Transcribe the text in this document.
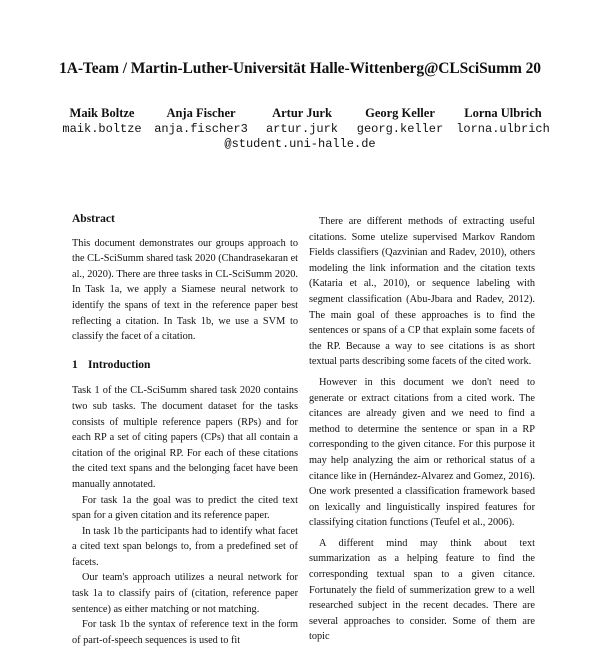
1A-Team / Martin-Luther-Universität Halle-Wittenberg@CLSciSumm 20
Maik Boltze
maik.boltze
Anja Fischer
anja.fischer3
Artur Jurk
artur.jurk
Georg Keller
georg.keller
Lorna Ulbrich
lorna.ulbrich
@student.uni-halle.de
Abstract

This document demonstrates our groups approach to the CL-SciSumm shared task 2020 (Chandrasekaran et al., 2020). There are three tasks in CL-SciSumm 2020. In Task 1a, we apply a Siamese neural network to identify the spans of text in the reference paper best reflecting a citation. In Task 1b, we use a SVM to classify the facet of a citation.

1 Introduction

Task 1 of the CL-SciSumm shared task 2020 contains two sub tasks. The document dataset for the tasks consists of multiple reference papers (RPs) and for each RP a set of citing papers (CPs) that all contain a citation of the original RP. For each of these citations the cited text spans and the belonging facet have been manually annotated.

For task 1a the goal was to predict the cited text span for a given citation and its reference paper.

In task 1b the participants had to identify what facet a cited text span belongs to, from a predefined set of facets.

Our team's approach utilizes a neural network for task 1a to classify pairs of (citation, reference paper sentence) as either matching or not matching.

For task 1b the syntax of reference text in the form of part-of-speech sequences is used to fit

There are different methods of extracting useful citations. Some utelize supervised Markov Random Fields classifiers (Qazvinian and Radev, 2010), others modeling the link information and the citation texts (Kataria et al., 2010), or sequence labeling with segment classification (Abu-Jbara and Radev, 2012). The main goal of these approaches is to find the sentences or spans of a CP that explain some facets of the RP. Because a way to see citations is as short textual parts describing some facets of the cited work.

However in this document we don't need to generate or extract citations from a cited work. The citances are already given and we need to find a method to determine the sentence or span in a RP corresponding to the given citance. For this purpose it may help analyzing the aim or rethorical status of a citance like in (Hernández-Alvarez and Gomez, 2016). One work presented a classification framework based on lexically and linguistically inspired features for classifying citation functions (Teufel et al., 2006).

A different mind may think about text summarization as a helping feature to find the corresponding textual span to a given citance. Fortunately the field of summerization grew to a well researched subject in the recent decades. There are several approaches to consider. Some of them are topic
